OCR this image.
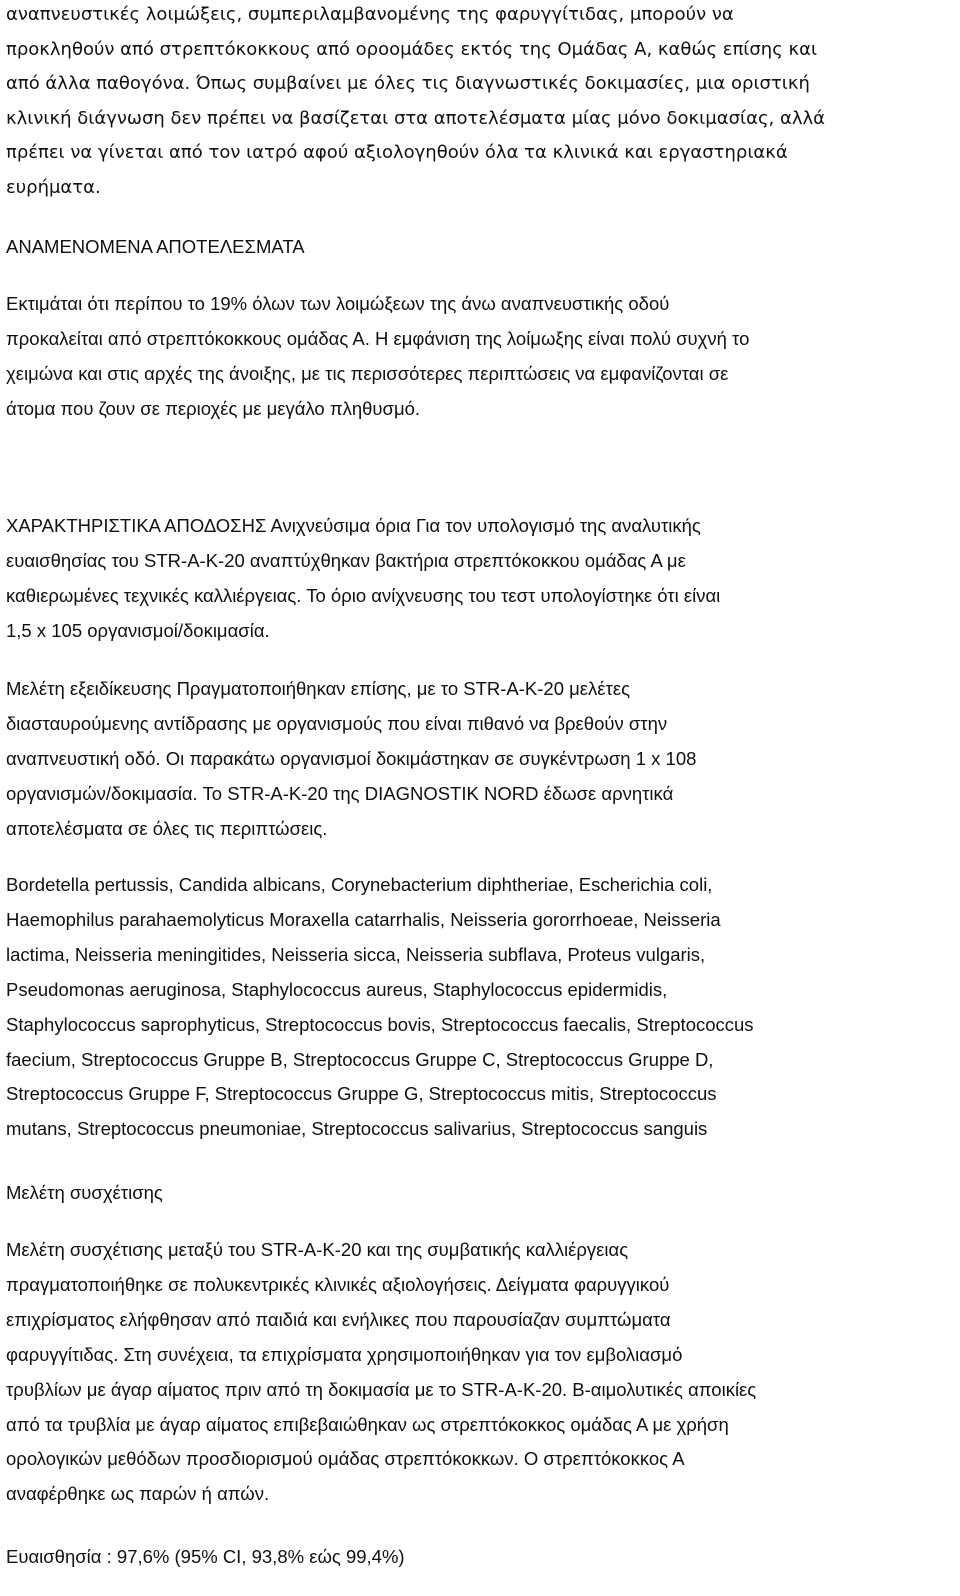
αναπνευστικές λοιμώξεις, συμπεριλαμβανομένης της φαρυγγίτιδας, μπορούν να
προκληθούν από στρεπτόκοκκους από οροομάδες εκτός της Ομάδας Α, καθώς επίσης και
από άλλα παθογόνα. Όπως συμβαίνει με όλες τις διαγνωστικές δοκιμασίες, μια οριστική
κλινική διάγνωση δεν πρέπει να βασίζεται στα αποτελέσματα μίας μόνο δοκιμασίας, αλλά
πρέπει να γίνεται από τον ιατρό αφού αξιολογηθούν όλα τα κλινικά και εργαστηριακά
ευρήματα.
ΑΝΑΜΕΝΟΜΕΝΑ ΑΠΟΤΕΛΕΣΜΑΤΑ
Εκτιμάται ότι περίπου το 19% όλων των λοιμώξεων της άνω αναπνευστικής οδού
προκαλείται από στρεπτόκοκκους ομάδας Α. Η εμφάνιση της λοίμωξης είναι πολύ συχνή το
χειμώνα και στις αρχές της άνοιξης, με τις περισσότερες περιπτώσεις να εμφανίζονται σε
άτομα που ζουν σε περιοχές με μεγάλο πληθυσμό.
ΧΑΡΑΚΤΗΡΙΣΤΙΚΑ ΑΠΟΔΟΣΗΣ Ανιχνεύσιμα όρια Για τον υπολογισμό της αναλυτικής
ευαισθησίας του STR-A-K-20 αναπτύχθηκαν βακτήρια στρεπτόκοκκου ομάδας Α με
καθιερωμένες τεχνικές καλλιέργειας. Το όριο ανίχνευσης του τεστ υπολογίστηκε ότι είναι
1,5 x 105 οργανισμοί/δοκιμασία.
Μελέτη εξειδίκευσης Πραγματοποιήθηκαν επίσης, με το STR-A-K-20 μελέτες
διασταυρούμενης αντίδρασης με οργανισμούς που είναι πιθανό να βρεθούν στην
αναπνευστική οδό. Οι παρακάτω οργανισμοί δοκιμάστηκαν σε συγκέντρωση 1 x 108
οργανισμών/δοκιμασία. Το STR-A-K-20 της DIAGNOSTIK NORD έδωσε αρνητικά
αποτελέσματα σε όλες τις περιπτώσεις.
Bordetella pertussis, Candida albicans, Corynebacterium diphtheriae, Escherichia coli,
Haemophilus parahaemolyticus Moraxella catarrhalis, Neisseria gororrhoeae, Neisseria
lactima, Neisseria meningitides, Neisseria sicca, Neisseria subflava, Proteus vulgaris,
Pseudomonas aeruginosa, Staphylococcus aureus, Staphylococcus epidermidis,
Staphylococcus saprophyticus, Streptococcus bovis, Streptococcus faecalis, Streptococcus
faecium, Streptococcus Gruppe B, Streptococcus Gruppe C, Streptococcus Gruppe D,
Streptococcus Gruppe F, Streptococcus Gruppe G, Streptococcus mitis, Streptococcus
mutans, Streptococcus pneumoniae, Streptococcus salivarius, Streptococcus sanguis
Μελέτη συσχέτισης
Μελέτη συσχέτισης μεταξύ του STR-A-K-20 και της συμβατικής καλλιέργειας
πραγματοποιήθηκε σε πολυκεντρικές κλινικές αξιολογήσεις. Δείγματα φαρυγγικού
επιχρίσματος ελήφθησαν από παιδιά και ενήλικες που παρουσίαζαν συμπτώματα
φαρυγγίτιδας. Στη συνέχεια, τα επιχρίσματα χρησιμοποιήθηκαν για τον εμβολιασμό
τρυβλίων με άγαρ αίματος πριν από τη δοκιμασία με το STR-A-K-20. Β-αιμολυτικές αποικίες
από τα τρυβλία με άγαρ αίματος επιβεβαιώθηκαν ως στρεπτόκοκκος ομάδας Α με χρήση
ορολογικών μεθόδων προσδιορισμού ομάδας στρεπτόκοκκων. Ο στρεπτόκοκκος Α
αναφέρθηκε ως παρών ή απών.
Ευαισθησία : 97,6% (95% CI, 93,8% εώς 99,4%)
